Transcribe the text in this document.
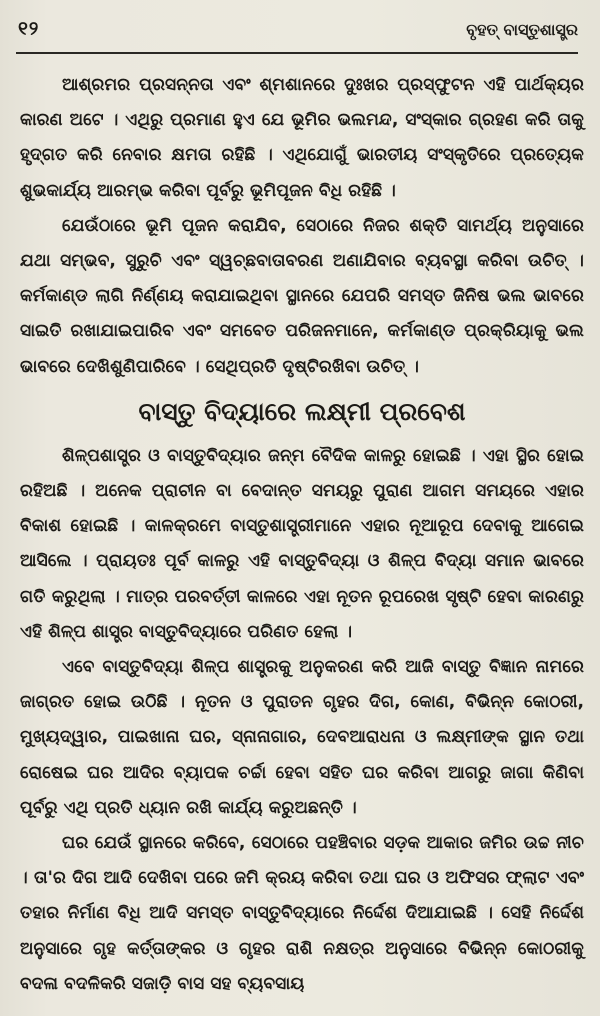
୧୨	ବୃହତ୍ ବାସ୍ତୁଶାସ୍ତ୍ର

ଆଶ୍ରମର ପ୍ରସନ୍ନତା ଏବଂ ଶ୍ମଶାନରେ ଦୁଃଖର ପ୍ରସ୍ଫୁଟନ ଏହି ପାର୍ଥକ୍ୟର କାରଣ ଅଟେ । ଏଥିରୁ ପ୍ରମାଣ ହୁଏ ଯେ ଭୂମିର ଭଲମନ୍ଦ, ସଂସ୍କାର ଗ୍ରହଣ କରି ତାକୁ ହୃଦ୍‌ଗତ କରି ନେବାର କ୍ଷମତା ରହିଛି । ଏଥିଯୋଗୁଁ ଭାରତୀୟ ସଂସ୍କୃତିରେ ପ୍ରତ୍ୟେକ ଶୁଭକାର୍ଯ୍ୟ ଆରମ୍ଭ କରିବା ପୂର୍ବରୁ ଭୂମିପୂଜନ ବିଧି ରହିଛି ।

ଯେଉଁଠାରେ ଭୂମି ପୂଜନ କରାଯିବ, ସେଠାରେ ନିଜର ଶକ୍ତି ସାମର୍ଥ୍ୟ ଅନୁସାରେ ଯଥା ସମ୍ଭବ, ସୁରୁଚି ଏବଂ ସ୍ୱଚ୍ଛବାତାବରଣ ଅଣାଯିବାର ବ୍ୟବସ୍ଥା କରିବା ଉଚିତ୍ । କର୍ମକାଣ୍ଡ ଲାଗି ନିର୍ଣ୍ଣୟ କରାଯାଇଥିବା ସ୍ଥାନରେ ଯେପରି ସମସ୍ତ ଜିନିଷ ଭଲ ଭାବରେ ସାଇତି ରଖାଯାଇପାରିବ ଏବଂ ସମବେତ ପରିଜନମାନେ, କର୍ମକାଣ୍ଡ ପ୍ରକ୍ରିୟାକୁ ଭଲ ଭାବରେ ଦେଖିଶୁଣିପାରିବେ । ସେଥିପ୍ରତି ଦୃଷ୍ଟିରଖିବା ଉଚିତ୍ ।

ବାସ୍ତୁ ବିଦ୍ୟାରେ ଲକ୍ଷ୍ମୀ ପ୍ରବେଶ

ଶିଳ୍ପଶାସ୍ତ୍ର ଓ ବାସ୍ତୁବିଦ୍ୟାର ଜନ୍ମ ବୈଦିକ କାଳରୁ ହୋଇଛି । ଏହା ସ୍ଥିର ହୋଇ ରହିଅଛି । ଅନେକ ପ୍ରାଚୀନ ବା ବେଦାନ୍ତ ସମୟରୁ ପୁରାଣ ଆଗମ ସମୟରେ ଏହାର ବିକାଶ ହୋଇଛି । କାଳକ୍ରମେ ବାସ୍ତୁଶାସ୍ତ୍ରୀମାନେ ଏହାର ନୂଆରୂପ ଦେବାକୁ ଆଗେଇ ଆସିଲେ । ପ୍ରାୟତଃ ପୂର୍ବ କାଳରୁ ଏହି ବାସ୍ତୁବିଦ୍ୟା ଓ ଶିଳ୍ପ ବିଦ୍ୟା ସମାନ ଭାବରେ ଗତି କରୁଥିଲା । ମାତ୍ର ପରବର୍ତ୍ତୀ କାଳରେ ଏହା ନୂତନ ରୂପରେଖ ସୃଷ୍ଟି ହେବା କାରଣରୁ ଏହି ଶିଳ୍ପ ଶାସ୍ତ୍ର ବାସ୍ତୁବିଦ୍ୟାରେ ପରିଣତ ହେଲା ।

ଏବେ ବାସ୍ତୁବିଦ୍ୟା ଶିଳ୍ପ ଶାସ୍ତ୍ରକୁ ଅନୁକରଣ କରି ଆଜି ବାସ୍ତୁ ବିଜ୍ଞାନ ନାମରେ ଜାଗ୍ରତ ହୋଇ ଉଠିଛି । ନୂତନ ଓ ପୁରାତନ ଗୃହର ଦିଗ, କୋଣ, ବିଭିନ୍ନ କୋଠରୀ, ମୁଖ୍ୟଦ୍ୱାର, ପାଇଖାନା ଘର, ସ୍ନାନାଗାର, ଦେବଆରାଧନା ଓ ଲକ୍ଷ୍ମୀଙ୍କ ସ୍ଥାନ ତଥା ରୋଷେଇ ଘର ଆଦିର ବ୍ୟାପକ ଚର୍ଚ୍ଚା ହେବା ସହିତ ଘର କରିବା ଆଗରୁ ଜାଗା କିଣିବା ପୂର୍ବରୁ ଏଥି ପ୍ରତି ଧ୍ୟାନ ରଖି କାର୍ଯ୍ୟ କରୁଅଛନ୍ତି ।

ଘର ଯେଉଁ ସ୍ଥାନରେ କରିବେ, ସେଠାରେ ପହଞ୍ଚିବାର ସଡ଼କ ଆକାର ଜମିର ଉଚ୍ଚ ନୀଚ । ତା'ର ଦିଗ ଆଦି ଦେଖିବା ପରେ ଜମି କ୍ରୟ କରିବା ତଥା ଘର ଓ ଅଫିସର ଫ୍ଲାଟ ଏବଂ ତହାର ନିର୍ମାଣ ବିଧି ଆଦି ସମସ୍ତ ବାସ୍ତୁବିଦ୍ୟାରେ ନିର୍ଦ୍ଦେଶ ଦିଆଯାଇଛି । ସେହି ନିର୍ଦ୍ଦେଶ ଅନୁସାରେ ଗୃହ କର୍ତ୍ତାଙ୍କର ଓ ଗୃହର ରାଶି ନକ୍ଷତ୍ର ଅନୁସାରେ ବିଭିନ୍ନ କୋଠରୀକୁ ବଦଳା ବଦଳିକରି ସଜାଡ଼ି ବାସ ସହ ବ୍ୟବସାୟ
